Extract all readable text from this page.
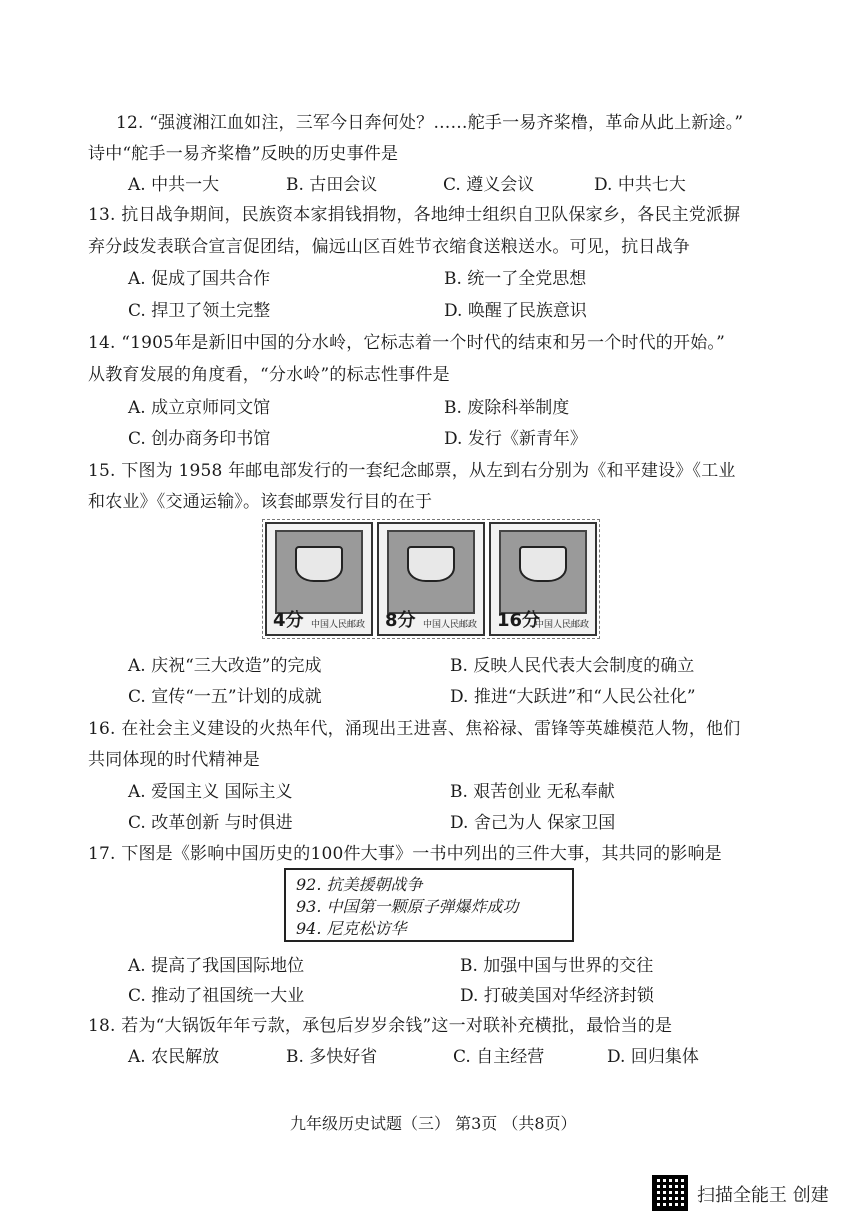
12. “强渡湘江血如注，三军今日奔何处？……舵手一易齐桨橹，革命从此上新途。”
诗中“舵手一易齐桨橹”反映的历史事件是
A. 中共一大	B. 古田会议	C. 遵义会议	D. 中共七大
13. 抗日战争期间，民族资本家捐钱捐物，各地绅士组织自卫队保家乡，各民主党派摒
弃分歧发表联合宣言促团结，偏远山区百姓节衣缩食送粮送水。可见，抗日战争
A. 促成了国共合作	B. 统一了全党思想
C. 捍卫了领土完整	D. 唤醒了民族意识
14. “1905年是新旧中国的分水岭，它标志着一个时代的结束和另一个时代的开始。”
从教育发展的角度看，“分水岭”的标志性事件是
A. 成立京师同文馆	B. 废除科举制度
C. 创办商务印书馆	D. 发行《新青年》
15. 下图为 1958 年邮电部发行的一套纪念邮票，从左到右分别为《和平建设》《工业
和农业》《交通运输》。该套邮票发行目的在于
4分 中国人民邮政 8分 中国人民邮政 16分
中国人民邮政
A. 庆祝“三大改造”的完成	B. 反映人民代表大会制度的确立
C. 宣传“一五”计划的成就	D. 推进“大跃进”和“人民公社化”
16. 在社会主义建设的火热年代，涌现出王进喜、焦裕禄、雷锋等英雄模范人物，他们
共同体现的时代精神是
A. 爱国主义 国际主义	B. 艰苦创业 无私奉献
C. 改革创新 与时俱进	D. 舍己为人 保家卫国
17. 下图是《影响中国历史的100件大事》一书中列出的三件大事，其共同的影响是
92. 抗美援朝战争
93. 中国第一颗原子弹爆炸成功
94. 尼克松访华
A. 提高了我国国际地位	B. 加强中国与世界的交往
C. 推动了祖国统一大业	D. 打破美国对华经济封锁
18. 若为“大锅饭年年亏款，承包后岁岁余钱”这一对联补充横批，最恰当的是
A. 农民解放	B. 多快好省	C. 自主经营	D. 回归集体
九年级历史试题（三） 第3页 （共8页）
扫描全能王 创建
